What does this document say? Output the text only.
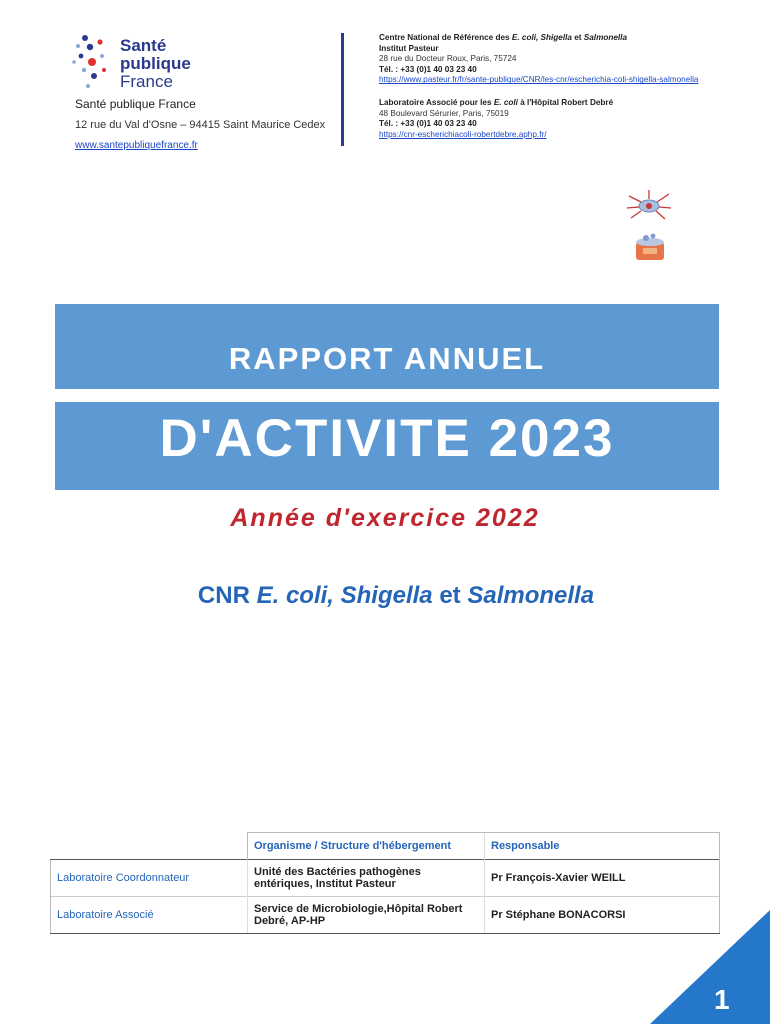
Santé
publique
France
Santé publique France
12 rue du Val d'Osne – 94415 Saint Maurice Cedex
www.santepubliquefrance.fr
Centre National de Référence des E. coli, Shigella et Salmonella
Institut Pasteur
28 rue du Docteur Roux, Paris, 75724
Tél. : +33 (0)1 40 03 23 40
https://www.pasteur.fr/fr/sante-publique/CNR/les-cnr/escherichia-coli-shigella-salmonella
Laboratoire Associé pour les E. coli à l'Hôpital Robert Debré
48 Boulevard Sérurier, Paris, 75019
Tél. : +33 (0)1 40 03 23 40
https://cnr-escherichiacoli-robertdebre.aphp.fr/
RAPPORT ANNUEL
D'ACTIVITE 2023
Année d'exercice 2022
CNR E. coli, Shigella et Salmonella
	Organisme / Structure d'hébergement	Responsable
Laboratoire Coordonnateur	Unité des Bactéries pathogènes entériques, Institut Pasteur	Pr François-Xavier WEILL
Laboratoire Associé	Service de Microbiologie,Hôpital Robert Debré, AP-HP	Pr Stéphane BONACORSI
1
